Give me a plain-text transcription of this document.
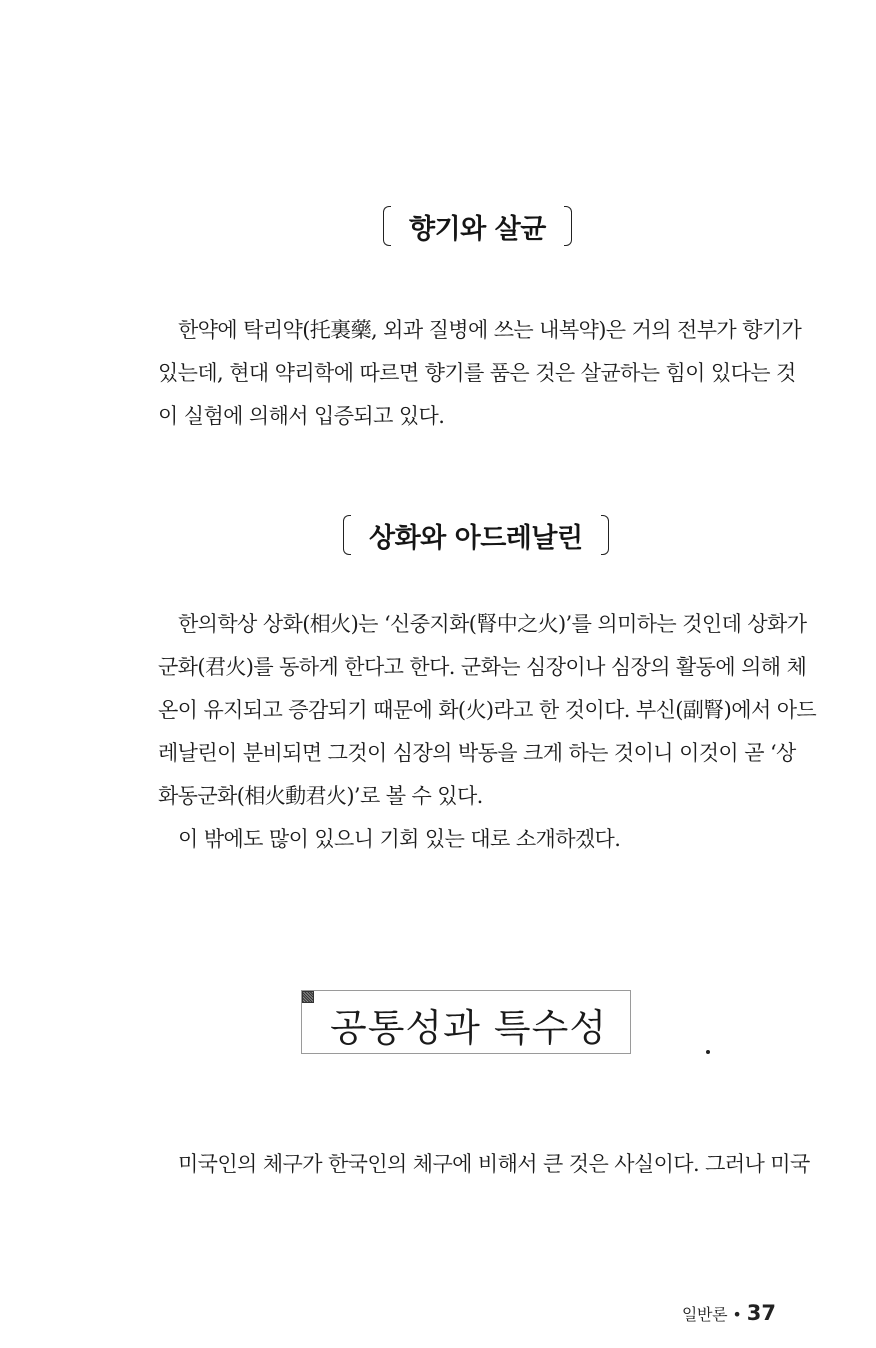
향기와 살균
한약에 탁리약(托裏藥, 외과 질병에 쓰는 내복약)은 거의 전부가 향기가
있는데, 현대 약리학에 따르면 향기를 품은 것은 살균하는 힘이 있다는 것
이 실험에 의해서 입증되고 있다.
상화와 아드레날린
한의학상 상화(相火)는 ‘신중지화(腎中之火)’를 의미하는 것인데 상화가
군화(君火)를 동하게 한다고 한다. 군화는 심장이나 심장의 활동에 의해 체
온이 유지되고 증감되기 때문에 화(火)라고 한 것이다. 부신(副腎)에서 아드
레날린이 분비되면 그것이 심장의 박동을 크게 하는 것이니 이것이 곧 ‘상
화동군화(相火動君火)’로 볼 수 있다.
이 밖에도 많이 있으니 기회 있는 대로 소개하겠다.
공통성과 특수성
미국인의 체구가 한국인의 체구에 비해서 큰 것은 사실이다. 그러나 미국
일반론 • 37
